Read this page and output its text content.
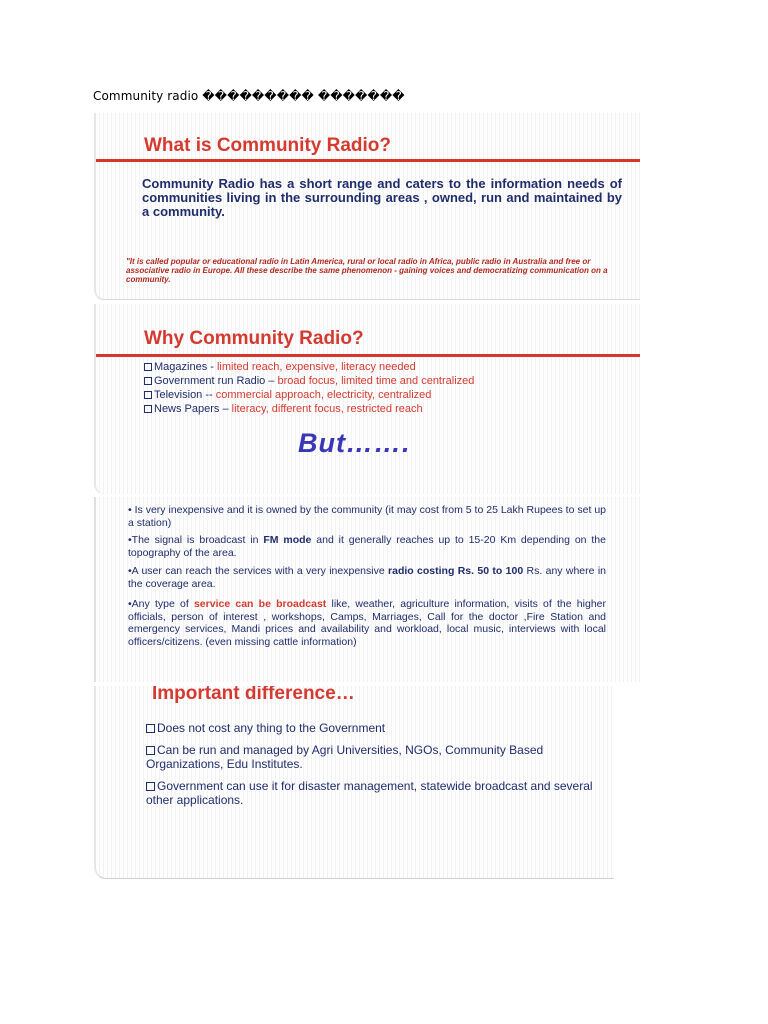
Community radio ��������� �������
What is Community Radio?
Community Radio has a short range and caters to the information needs of communities living in the surrounding areas , owned, run and maintained by a community.
"It is called popular or educational radio in Latin America, rural or local radio in Africa, public radio in Australia and free or associative radio in Europe. All these describe the same phenomenon - gaining voices and democratizing communication on a community.
Why Community Radio?
Magazines - limited reach, expensive, literacy needed
Government run Radio – broad focus, limited time and centralized
Television -- commercial approach, electricity, centralized
News Papers – literacy, different focus, restricted reach
But…….
• Is very inexpensive and it is owned by the community (it may cost from 5 to 25 Lakh Rupees to set up a station)
•The signal is broadcast in FM mode and it generally reaches up to 15-20 Km depending on the topography of the area.
•A user can reach the services with a very inexpensive radio costing Rs. 50 to 100 Rs. any where in the coverage area.
•Any type of service can be broadcast like, weather, agriculture information, visits of the higher officials, person of interest , workshops, Camps, Marriages, Call for the doctor ,Fire Station and emergency services, Mandi prices and availability and workload, local music, interviews with local officers/citizens. (even missing cattle information)
Important difference…
Does not cost any thing to the Government
Can be run and managed by Agri Universities, NGOs, Community Based Organizations, Edu Institutes.
Government can use it for disaster management, statewide broadcast and several other applications.
